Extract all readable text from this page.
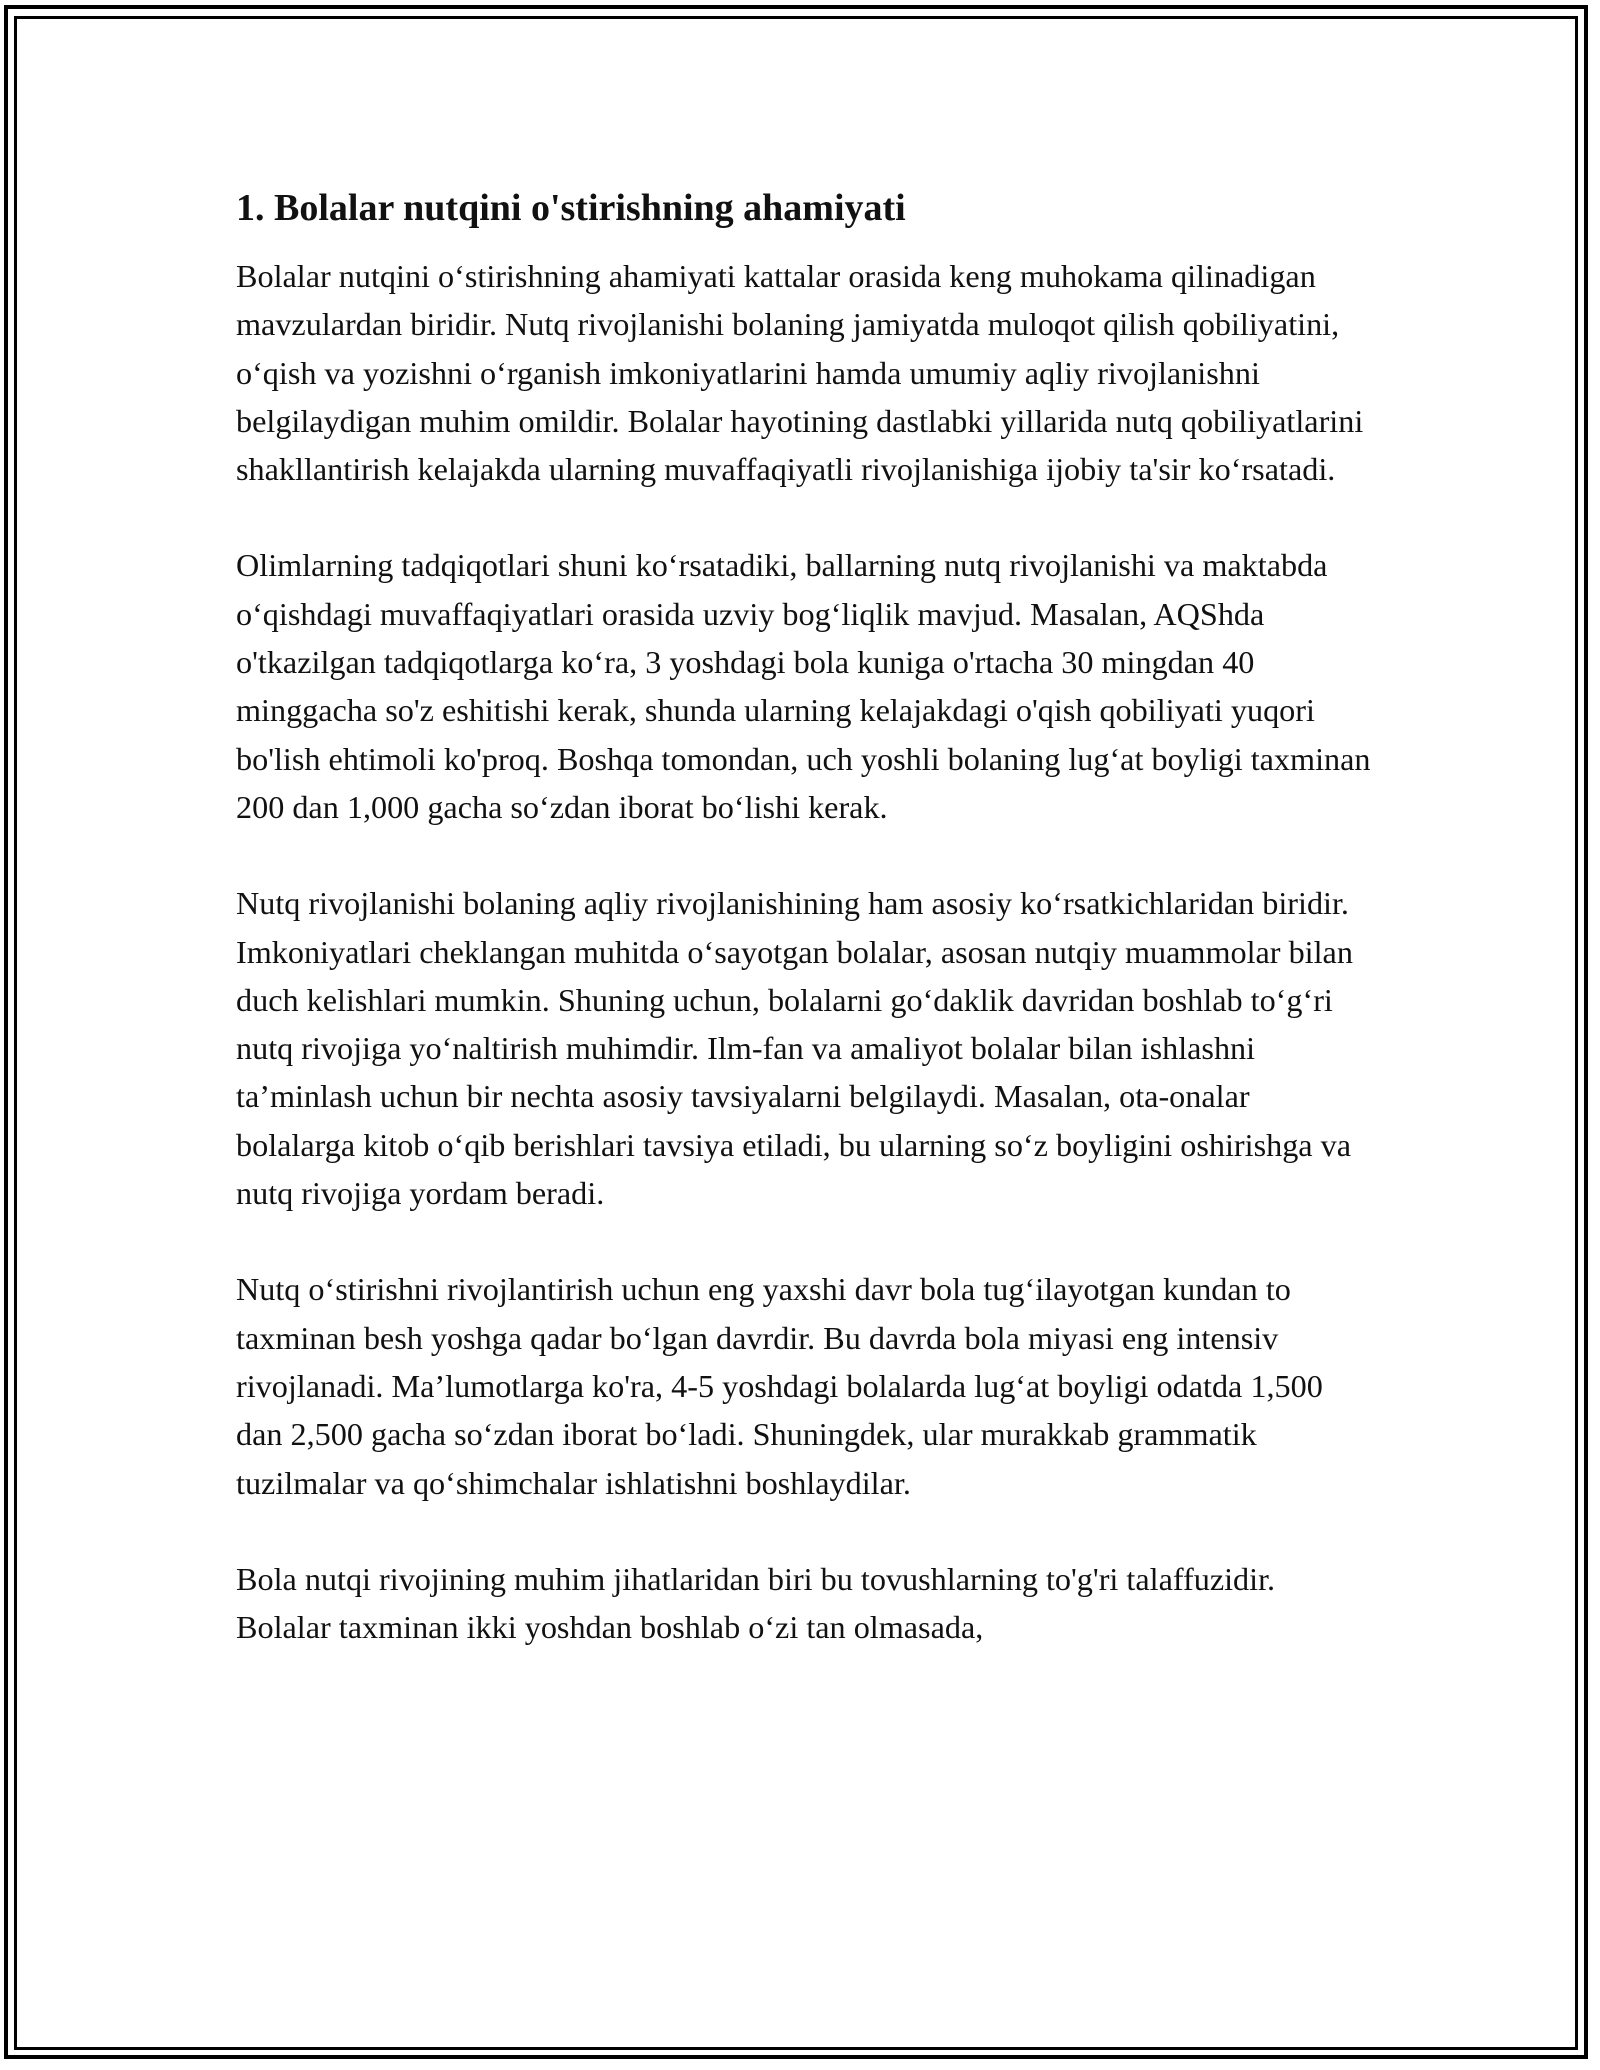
1. Bolalar nutqini o'stirishning ahamiyati

Bolalar nutqini o‘stirishning ahamiyati kattalar orasida keng muhokama qilinadigan mavzulardan biridir. Nutq rivojlanishi bolaning jamiyatda muloqot qilish qobiliyatini, o‘qish va yozishni o‘rganish imkoniyatlarini hamda umumiy aqliy rivojlanishni belgilaydigan muhim omildir. Bolalar hayotining dastlabki yillarida nutq qobiliyatlarini shakllantirish kelajakda ularning muvaffaqiyatli rivojlanishiga ijobiy ta'sir ko‘rsatadi.

Olimlarning tadqiqotlari shuni ko‘rsatadiki, ballarning nutq rivojlanishi va maktabda o‘qishdagi muvaffaqiyatlari orasida uzviy bog‘liqlik mavjud. Masalan, AQShda o'tkazilgan tadqiqotlarga ko‘ra, 3 yoshdagi bola kuniga o'rtacha 30 mingdan 40 minggacha so'z eshitishi kerak, shunda ularning kelajakdagi o'qish qobiliyati yuqori bo'lish ehtimoli ko'proq. Boshqa tomondan, uch yoshli bolaning lug‘at boyligi taxminan 200 dan 1,000 gacha so‘zdan iborat bo‘lishi kerak.

Nutq rivojlanishi bolaning aqliy rivojlanishining ham asosiy ko‘rsatkichlaridan biridir. Imkoniyatlari cheklangan muhitda o‘sayotgan bolalar, asosan nutqiy muammolar bilan duch kelishlari mumkin. Shuning uchun, bolalarni go‘daklik davridan boshlab to‘g‘ri nutq rivojiga yo‘naltirish muhimdir. Ilm-fan va amaliyot bolalar bilan ishlashni ta’minlash uchun bir nechta asosiy tavsiyalarni belgilaydi. Masalan, ota-onalar bolalarga kitob o‘qib berishlari tavsiya etiladi, bu ularning so‘z boyligini oshirishga va nutq rivojiga yordam beradi.

Nutq o‘stirishni rivojlantirish uchun eng yaxshi davr bola tug‘ilayotgan kundan to taxminan besh yoshga qadar bo‘lgan davrdir. Bu davrda bola miyasi eng intensiv rivojlanadi. Ma’lumotlarga ko'ra, 4-5 yoshdagi bolalarda lug‘at boyligi odatda 1,500 dan 2,500 gacha so‘zdan iborat bo‘ladi. Shuningdek, ular murakkab grammatik tuzilmalar va qo‘shimchalar ishlatishni boshlaydilar.

Bola nutqi rivojining muhim jihatlaridan biri bu tovushlarning to'g'ri talaffuzidir. Bolalar taxminan ikki yoshdan boshlab o‘zi tan olmasada,
